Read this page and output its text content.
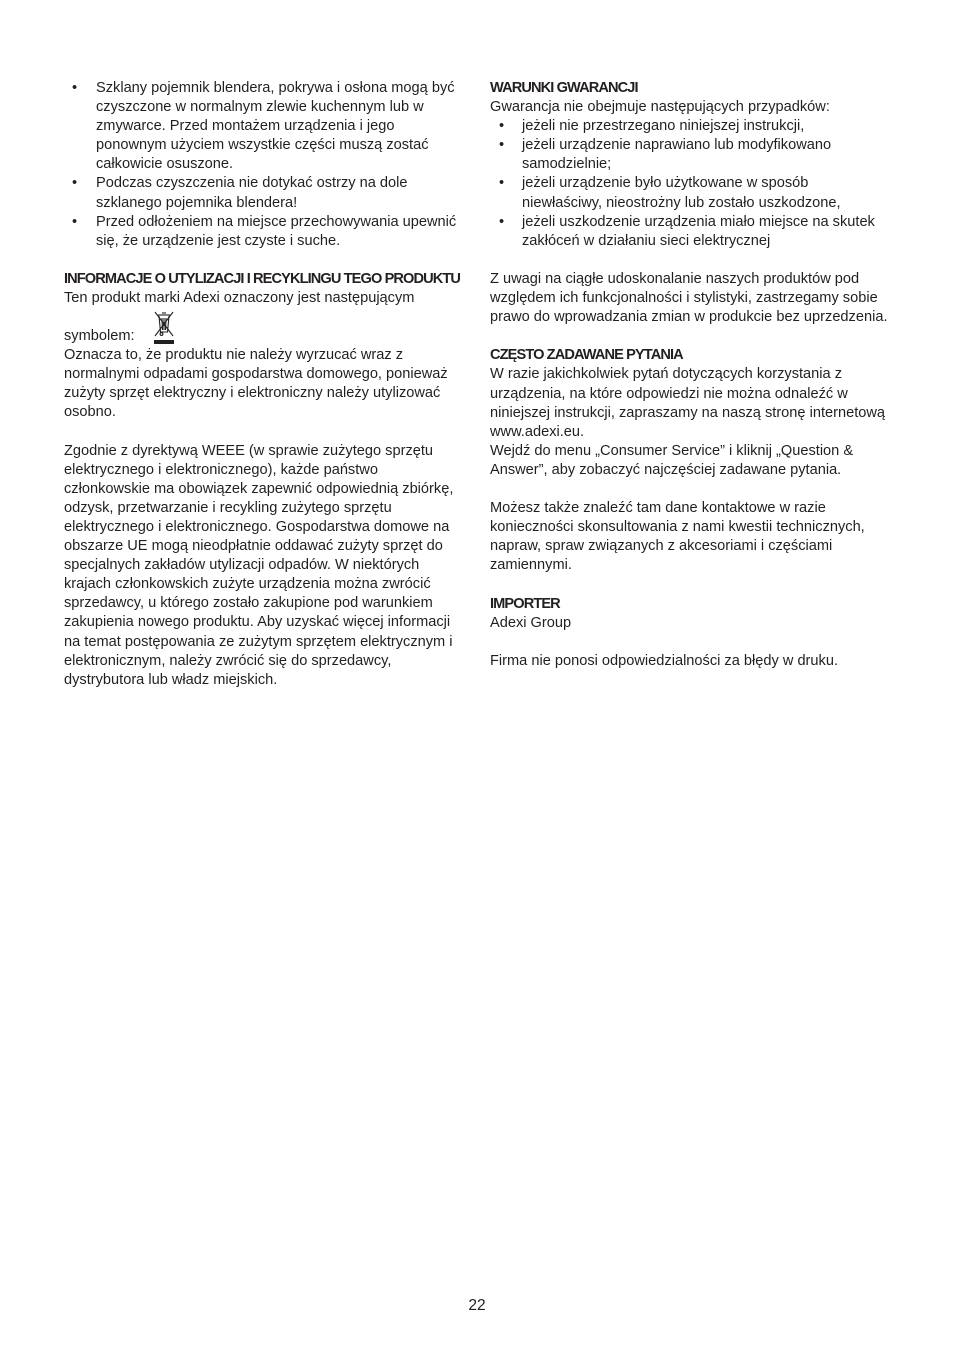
• Szklany pojemnik blendera, pokrywa i osłona mogą być czyszczone w normalnym zlewie kuchennym lub w zmywarce. Przed montażem urządzenia i jego ponownym użyciem wszystkie części muszą zostać całkowicie osuszone.
• Podczas czyszczenia nie dotykać ostrzy na dole szklanego pojemnika blendera!
• Przed odłożeniem na miejsce przechowywania upewnić się, że urządzenie jest czyste i suche.
INFORMACJE O UTYLIZACJI I RECYKLINGU TEGO PRODUKTU

Ten produkt marki Adexi oznaczony jest następującym

symbolem:

Oznacza to, że produktu nie należy wyrzucać wraz z normalnymi odpadami gospodarstwa domowego, ponieważ zużyty sprzęt elektryczny i elektroniczny należy utylizować osobno.

Zgodnie z dyrektywą WEEE (w sprawie zużytego sprzętu elektrycznego i elektronicznego), każde państwo członkowskie ma obowiązek zapewnić odpowiednią zbiórkę, odzysk, przetwarzanie i recykling zużytego sprzętu elektrycznego i elektronicznego. Gospodarstwa domowe na obszarze UE mogą nieodpłatnie oddawać zużyty sprzęt do specjalnych zakładów utylizacji odpadów. W niektórych krajach członkowskich zużyte urządzenia można zwrócić sprzedawcy, u którego zostało zakupione pod warunkiem zakupienia nowego produktu. Aby uzyskać więcej informacji na temat postępowania ze zużytym sprzętem elektrycznym i elektronicznym, należy zwrócić się do sprzedawcy, dystrybutora lub władz miejskich.

WARUNKI GWARANCJI

Gwarancja nie obejmuje następujących przypadków:

• jeżeli nie przestrzegano niniejszej instrukcji,
• jeżeli urządzenie naprawiano lub modyfikowano samodzielnie;
• jeżeli urządzenie było użytkowane w sposób niewłaściwy, nieostrożny lub zostało uszkodzone,
• jeżeli uszkodzenie urządzenia miało miejsce na skutek zakłóceń w działaniu sieci elektrycznej

Z uwagi na ciągłe udoskonalanie naszych produktów pod względem ich funkcjonalności i stylistyki, zastrzegamy sobie prawo do wprowadzania zmian w produkcie bez uprzedzenia.

CZĘSTO ZADAWANE PYTANIA

W razie jakichkolwiek pytań dotyczących korzystania z urządzenia, na które odpowiedzi nie można odnaleźć w niniejszej instrukcji, zapraszamy na naszą stronę internetową www.adexi.eu.

Wejdź do menu „Consumer Service” i kliknij „Question & Answer”, aby zobaczyć najczęściej zadawane pytania.

Możesz także znaleźć tam dane kontaktowe w razie konieczności skonsultowania z nami kwestii technicznych, napraw, spraw związanych z akcesoriami i częściami zamiennymi.

IMPORTER

Adexi Group

Firma nie ponosi odpowiedzialności za błędy w druku.

22
